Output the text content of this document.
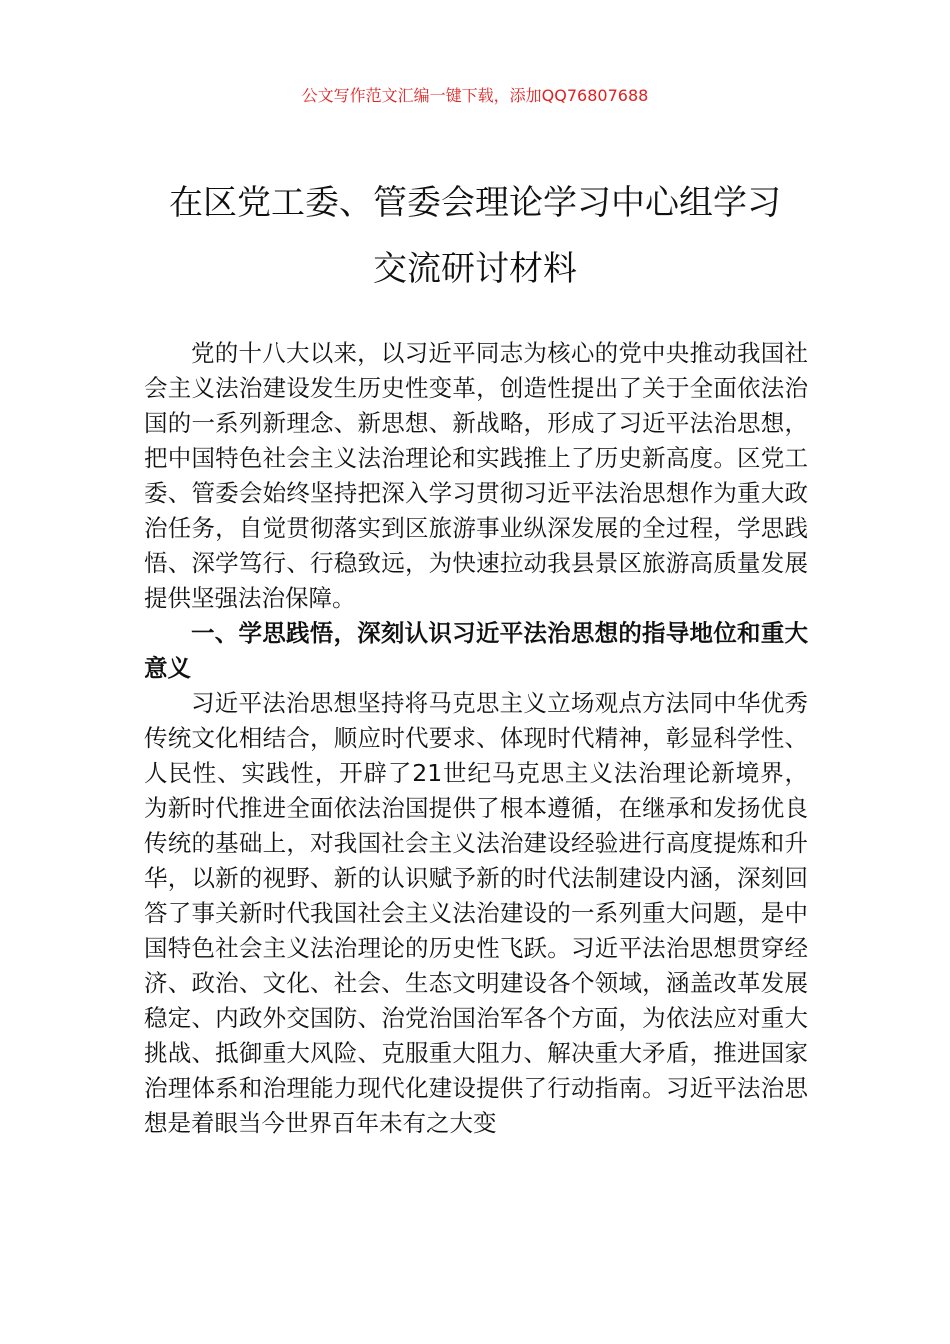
公文写作范文汇编一键下载，添加QQ76807688
在区党工委、管委会理论学习中心组学习
交流研讨材料

党的十八大以来，以习近平同志为核心的党中央推动我国社会主义法治建设发生历史性变革，创造性提出了关于全面依法治国的一系列新理念、新思想、新战略，形成了习近平法治思想，把中国特色社会主义法治理论和实践推上了历史新高度。区党工委、管委会始终坚持把深入学习贯彻习近平法治思想作为重大政治任务，自觉贯彻落实到区旅游事业纵深发展的全过程，学思践悟、深学笃行、行稳致远，为快速拉动我县景区旅游高质量发展提供坚强法治保障。

一、学思践悟，深刻认识习近平法治思想的指导地位和重大意义

习近平法治思想坚持将马克思主义立场观点方法同中华优秀传统文化相结合，顺应时代要求、体现时代精神，彰显科学性、人民性、实践性，开辟了21世纪马克思主义法治理论新境界，为新时代推进全面依法治国提供了根本遵循，在继承和发扬优良传统的基础上，对我国社会主义法治建设经验进行高度提炼和升华，以新的视野、新的认识赋予新的时代法制建设内涵，深刻回答了事关新时代我国社会主义法治建设的一系列重大问题，是中国特色社会主义法治理论的历史性飞跃。习近平法治思想贯穿经济、政治、文化、社会、生态文明建设各个领域，涵盖改革发展稳定、内政外交国防、治党治国治军各个方面，为依法应对重大挑战、抵御重大风险、克服重大阻力、解决重大矛盾，推进国家治理体系和治理能力现代化建设提供了行动指南。习近平法治思想是着眼当今世界百年未有之大变
